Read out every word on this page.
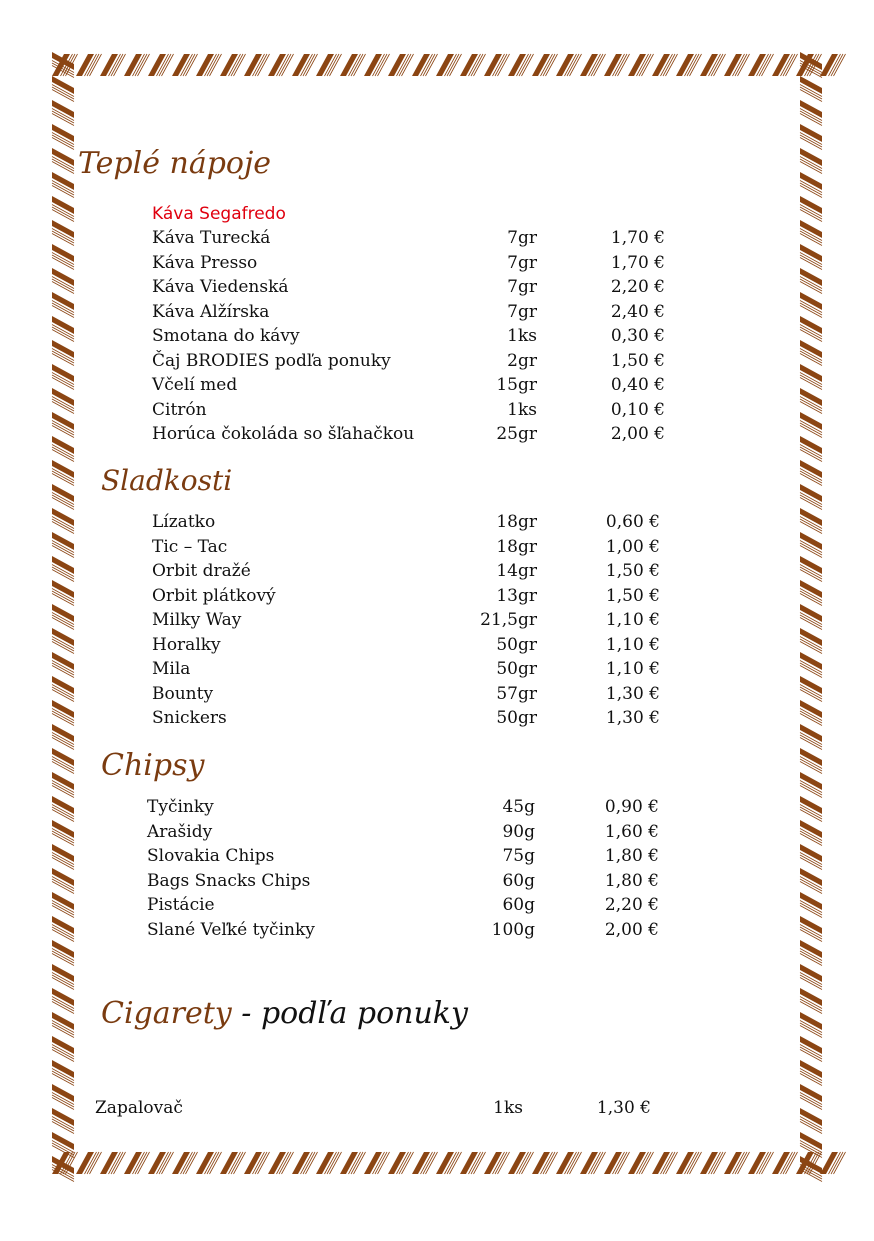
Teplé nápoje
Káva Segafredo
Káva Turecká	7gr	1,70 €
Káva Presso	7gr	1,70 €
Káva Viedenská	7gr	2,20 €
Káva Alžírska	7gr	2,40 €
Smotana do kávy	1ks	0,30 €
Čaj BRODIES podľa ponuky	2gr	1,50 €
Včelí med	15gr	0,40 €
Citrón	1ks	0,10 €
Horúca čokoláda so šľahačkou	25gr	2,00 €
Sladkosti
Lízatko	18gr	0,60 €
Tic – Tac	18gr	1,00 €
Orbit dražé	14gr	1,50 €
Orbit plátkový	13gr	1,50 €
Milky Way	21,5gr	1,10 €
Horalky	50gr	1,10 €
Mila	50gr	1,10 €
Bounty	57gr	1,30 €
Snickers	50gr	1,30 €
Chipsy
Tyčinky	45g	0,90 €
Arašidy	90g	1,60 €
Slovakia Chips	75g	1,80 €
Bags Snacks Chips	60g	1,80 €
Pistácie	60g	2,20 €
Slané Veľké tyčinky	100g	2,00 €
Cigarety - podľa ponuky
Zapalovač	1ks	1,30 €
